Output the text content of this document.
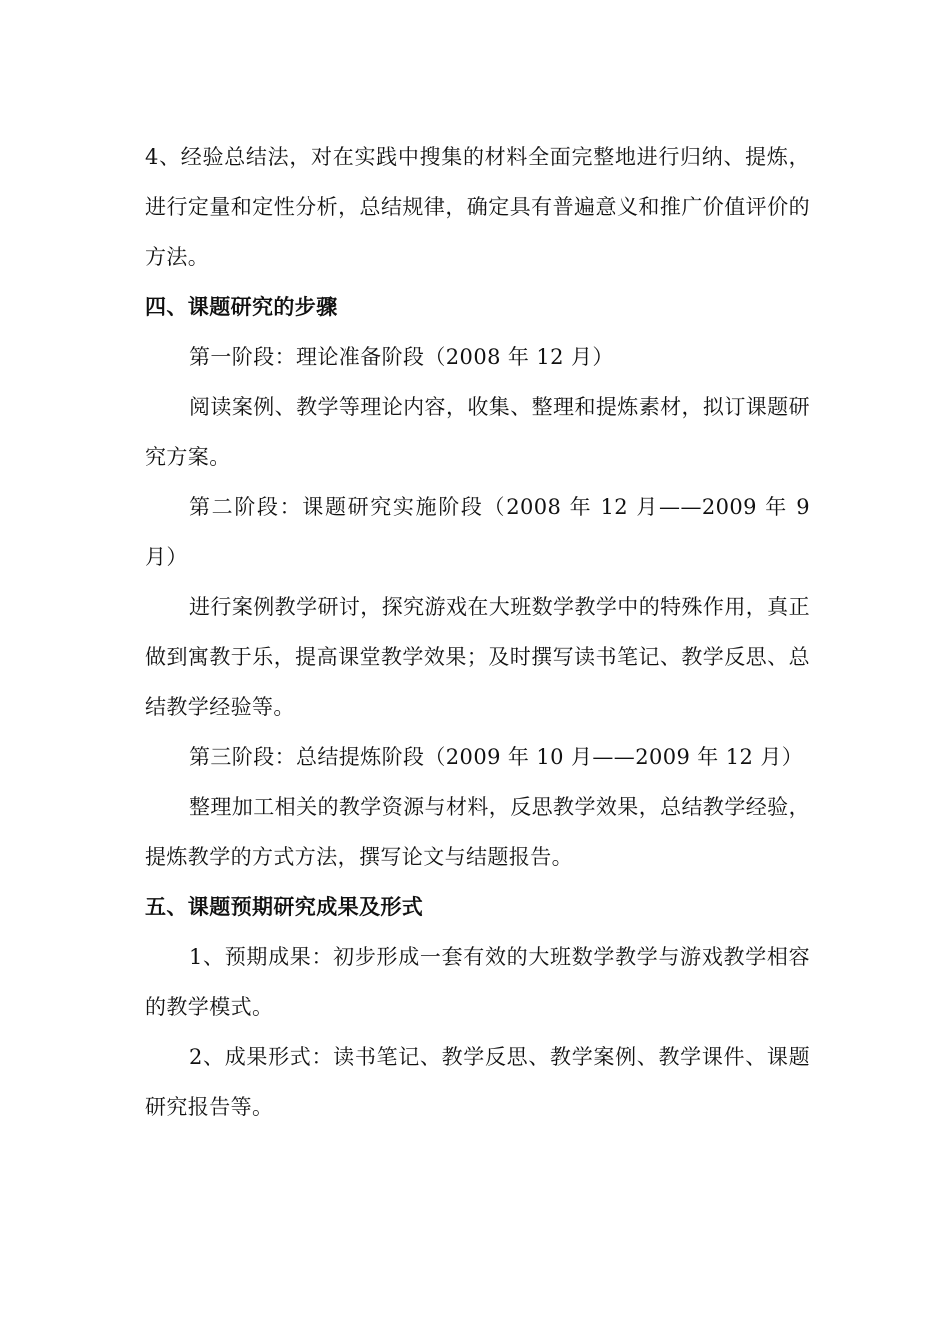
4、经验总结法，对在实践中搜集的材料全面完整地进行归纳、提炼，进行定量和定性分析，总结规律，确定具有普遍意义和推广价值评价的方法。

四、课题研究的步骤

第一阶段：理论准备阶段（2008 年 12 月）

阅读案例、教学等理论内容，收集、整理和提炼素材，拟订课题研究方案。

第二阶段：课题研究实施阶段（2008 年 12 月——2009 年 9 月）

进行案例教学研讨，探究游戏在大班数学教学中的特殊作用，真正做到寓教于乐，提高课堂教学效果；及时撰写读书笔记、教学反思、总结教学经验等。

第三阶段：总结提炼阶段（2009 年 10 月——2009 年 12 月）

整理加工相关的教学资源与材料，反思教学效果，总结教学经验，提炼教学的方式方法，撰写论文与结题报告。

五、课题预期研究成果及形式

1、预期成果：初步形成一套有效的大班数学教学与游戏教学相容的教学模式。

2、成果形式：读书笔记、教学反思、教学案例、教学课件、课题研究报告等。
